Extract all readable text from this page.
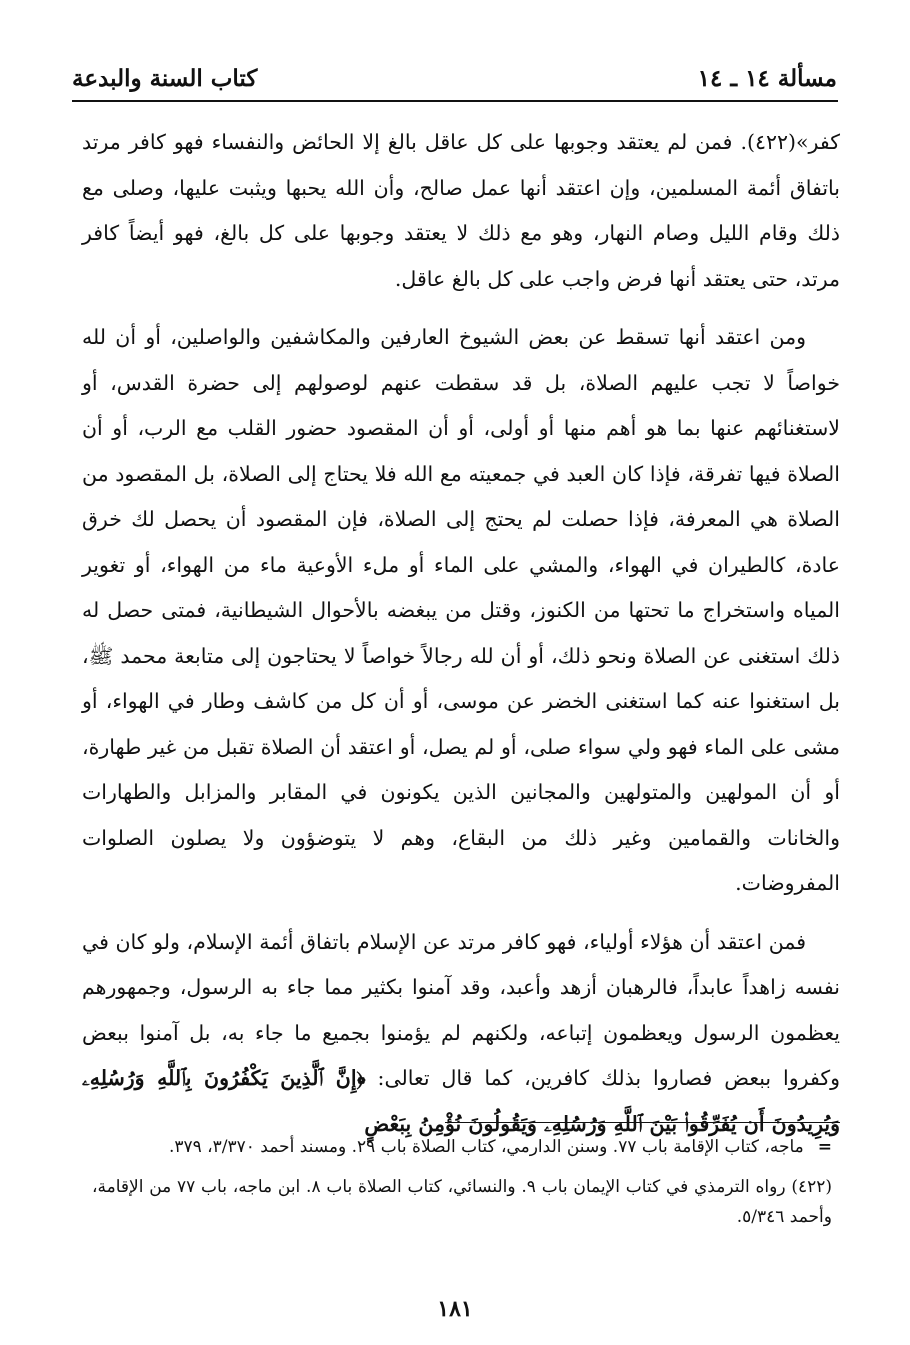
مسألة ١٤ ـ ١٤
كتاب السنة والبدعة

كفر»(٤٢٢). فمن لم يعتقد وجوبها على كل عاقل بالغ إلا الحائض والنفساء فهو كافر مرتد باتفاق أئمة المسلمين، وإن اعتقد أنها عمل صالح، وأن الله يحبها ويثبت عليها، وصلى مع ذلك وقام الليل وصام النهار، وهو مع ذلك لا يعتقد وجوبها على كل بالغ، فهو أيضاً كافر مرتد، حتى يعتقد أنها فرض واجب على كل بالغ عاقل.

ومن اعتقد أنها تسقط عن بعض الشيوخ العارفين والمكاشفين والواصلين، أو أن لله خواصاً لا تجب عليهم الصلاة، بل قد سقطت عنهم لوصولهم إلى حضرة القدس، أو لاستغنائهم عنها بما هو أهم منها أو أولى، أو أن المقصود حضور القلب مع الرب، أو أن الصلاة فيها تفرقة، فإذا كان العبد في جمعيته مع الله فلا يحتاج إلى الصلاة، بل المقصود من الصلاة هي المعرفة، فإذا حصلت لم يحتج إلى الصلاة، فإن المقصود أن يحصل لك خرق عادة، كالطيران في الهواء، والمشي على الماء أو ملء الأوعية ماء من الهواء، أو تغوير المياه واستخراج ما تحتها من الكنوز، وقتل من يبغضه بالأحوال الشيطانية، فمتى حصل له ذلك استغنى عن الصلاة ونحو ذلك، أو أن لله رجالاً خواصاً لا يحتاجون إلى متابعة محمد ﷺ، بل استغنوا عنه كما استغنى الخضر عن موسى، أو أن كل من كاشف وطار في الهواء، أو مشى على الماء فهو ولي سواء صلى، أو لم يصل، أو اعتقد أن الصلاة تقبل من غير طهارة، أو أن المولهين والمتولهين والمجانين الذين يكونون في المقابر والمزابل والطهارات والخانات والقمامين وغير ذلك من البقاع، وهم لا يتوضؤون ولا يصلون الصلوات المفروضات.

فمن اعتقد أن هؤلاء أولياء، فهو كافر مرتد عن الإسلام باتفاق أئمة الإسلام، ولو كان في نفسه زاهداً عابداً، فالرهبان أزهد وأعبد، وقد آمنوا بكثير مما جاء به الرسول، وجمهورهم يعظمون الرسول ويعظمون إتباعه، ولكنهم لم يؤمنوا بجميع ما جاء به، بل آمنوا ببعض وكفروا ببعض فصاروا بذلك كافرين، كما قال تعالى: ﴿إِنَّ ٱلَّذِينَ يَكْفُرُونَ بِٱللَّهِ وَرُسُلِهِۦ وَيُرِيدُونَ أَن يُفَرِّقُوا۟ بَيْنَ ٱللَّهِ وَرُسُلِهِۦ وَيَقُولُونَ نُؤْمِنُ بِبَعْضٍ

=ماجه، كتاب الإقامة باب ٧٧. وسنن الدارمي، كتاب الصلاة باب ٢٩. ومسند أحمد ٣/٣٧٠، ٣٧٩.

(٤٢٢) رواه الترمذي في كتاب الإيمان باب ٩. والنسائي، كتاب الصلاة باب ٨. ابن ماجه، باب ٧٧ من الإقامة، وأحمد ٥/٣٤٦.

١٨١
